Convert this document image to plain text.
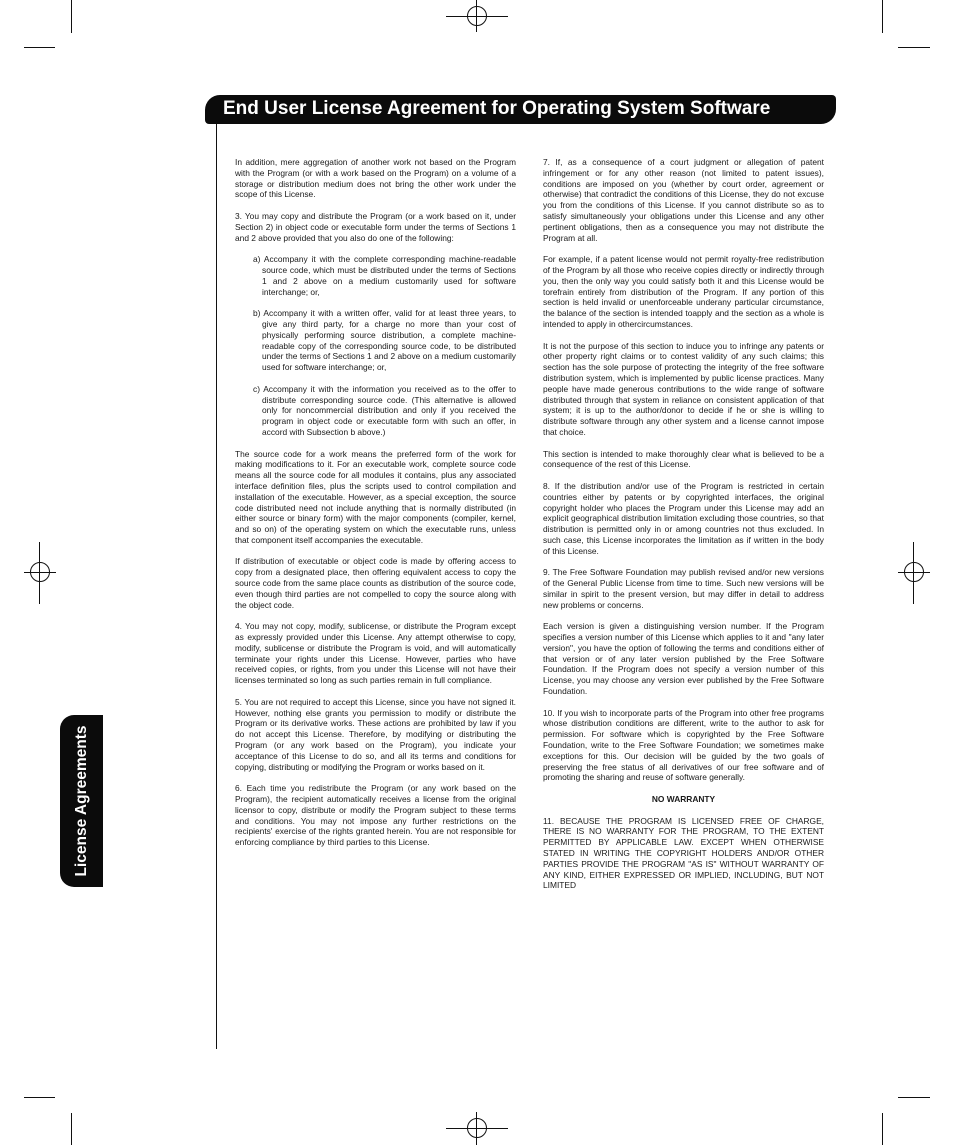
End User License Agreement for Operating System Software
License Agreements

In addition, mere aggregation of another work not based on the Program with the Program (or with a work based on the Program) on a volume of a storage or distribution medium does not bring the other work under the scope of this License.

3. You may copy and distribute the Program (or a work based on it, under Section 2) in object code or executable form under the terms of Sections 1 and 2 above provided that you also do one of the following:

a) Accompany it with the complete corresponding machine-readable source code, which must be distributed under the terms of Sections 1 and 2 above on a medium customarily used for software interchange; or,

b) Accompany it with a written offer, valid for at least three years, to give any third party, for a charge no more than your cost of physically performing source distribution, a complete machine-readable copy of the corresponding source code, to be distributed under the terms of Sections 1 and 2 above on a medium customarily used for software interchange; or,

c) Accompany it with the information you received as to the offer to distribute corresponding source code. (This alternative is allowed only for noncommercial distribution and only if you received the program in object code or executable form with such an offer, in accord with Subsection b above.)

The source code for a work means the preferred form of the work for making modifications to it. For an executable work, complete source code means all the source code for all modules it contains, plus any associated interface definition files, plus the scripts used to control compilation and installation of the executable. However, as a special exception, the source code distributed need not include anything that is normally distributed (in either source or binary form) with the major components (compiler, kernel, and so on) of the operating system on which the executable runs, unless that component itself accompanies the executable.

If distribution of executable or object code is made by offering access to copy from a designated place, then offering equivalent access to copy the source code from the same place counts as distribution of the source code, even though third parties are not compelled to copy the source along with the object code.

4. You may not copy, modify, sublicense, or distribute the Program except as expressly provided under this License. Any attempt otherwise to copy, modify, sublicense or distribute the Program is void, and will automatically terminate your rights under this License. However, parties who have received copies, or rights, from you under this License will not have their licenses terminated so long as such parties remain in full compliance.

5. You are not required to accept this License, since you have not signed it. However, nothing else grants you permission to modify or distribute the Program or its derivative works. These actions are prohibited by law if you do not accept this License. Therefore, by modifying or distributing the Program (or any work based on the Program), you indicate your acceptance of this License to do so, and all its terms and conditions for copying, distributing or modifying the Program or works based on it.

6. Each time you redistribute the Program (or any work based on the Program), the recipient automatically receives a license from the original licensor to copy, distribute or modify the Program subject to these terms and conditions. You may not impose any further restrictions on the recipients' exercise of the rights granted herein. You are not responsible for enforcing compliance by third parties to this License.

7. If, as a consequence of a court judgment or allegation of patent infringement or for any other reason (not limited to patent issues), conditions are imposed on you (whether by court order, agreement or otherwise) that contradict the conditions of this License, they do not excuse you from the conditions of this License. If you cannot distribute so as to satisfy simultaneously your obligations under this License and any other pertinent obligations, then as a consequence you may not distribute the Program at all.

For example, if a patent license would not permit royalty-free redistribution of the Program by all those who receive copies directly or indirectly through you, then the only way you could satisfy both it and this License would be torefrain entirely from distribution of the Program. If any portion of this section is held invalid or unenforceable underany particular circumstance, the balance of the section is intended toapply and the section as a whole is intended to apply in othercircumstances.

It is not the purpose of this section to induce you to infringe any patents or other property right claims or to contest validity of any such claims; this section has the sole purpose of protecting the integrity of the free software distribution system, which is implemented by public license practices. Many people have made generous contributions to the wide range of software distributed through that system in reliance on consistent application of that system; it is up to the author/donor to decide if he or she is willing to distribute software through any other system and a license cannot impose that choice.

This section is intended to make thoroughly clear what is believed to be a consequence of the rest of this License.

8. If the distribution and/or use of the Program is restricted in certain countries either by patents or by copyrighted interfaces, the original copyright holder who places the Program under this License may add an explicit geographical distribution limitation excluding those countries, so that distribution is permitted only in or among countries not thus excluded. In such case, this License incorporates the limitation as if written in the body of this License.

9. The Free Software Foundation may publish revised and/or new versions of the General Public License from time to time. Such new versions will be similar in spirit to the present version, but may differ in detail to address new problems or concerns.

Each version is given a distinguishing version number. If the Program specifies a version number of this License which applies to it and "any later version", you have the option of following the terms and conditions either of that version or of any later version published by the Free Software Foundation. If the Program does not specify a version number of this License, you may choose any version ever published by the Free Software Foundation.

10. If you wish to incorporate parts of the Program into other free programs whose distribution conditions are different, write to the author to ask for permission. For software which is copyrighted by the Free Software Foundation, write to the Free Software Foundation; we sometimes make exceptions for this. Our decision will be guided by the two goals of preserving the free status of all derivatives of our free software and of promoting the sharing and reuse of software generally.

NO WARRANTY

11. BECAUSE THE PROGRAM IS LICENSED FREE OF CHARGE, THERE IS NO WARRANTY FOR THE PROGRAM, TO THE EXTENT PERMITTED BY APPLICABLE LAW. EXCEPT WHEN OTHERWISE STATED IN WRITING THE COPYRIGHT HOLDERS AND/OR OTHER PARTIES PROVIDE THE PROGRAM "AS IS" WITHOUT WARRANTY OF ANY KIND, EITHER EXPRESSED OR IMPLIED, INCLUDING, BUT NOT LIMITED
